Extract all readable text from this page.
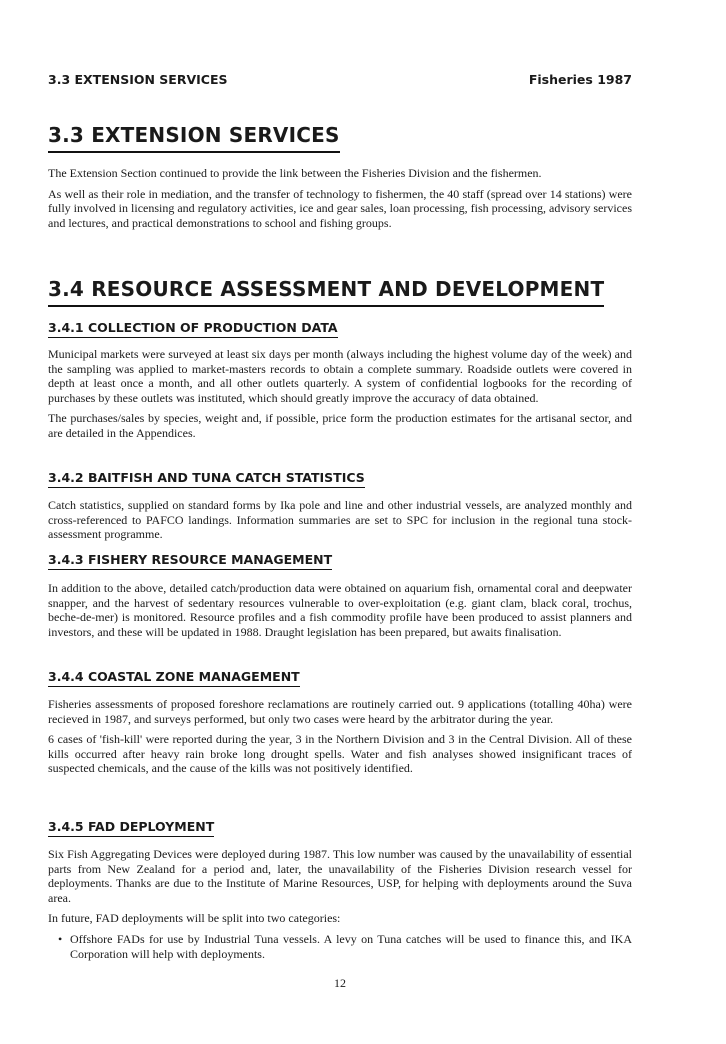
3.3 EXTENSION SERVICES	Fisheries 1987
3.3 EXTENSION SERVICES

The Extension Section continued to provide the link between the Fisheries Division and the fishermen.

As well as their role in mediation, and the transfer of technology to fishermen, the 40 staff (spread over 14 stations) were fully involved in licensing and regulatory activities, ice and gear sales, loan processing, fish processing, advisory services and lectures, and practical demonstrations to school and fishing groups.

3.4 RESOURCE ASSESSMENT AND DEVELOPMENT
3.4.1 COLLECTION OF PRODUCTION DATA

Municipal markets were surveyed at least six days per month (always including the highest volume day of the week) and the sampling was applied to market-masters records to obtain a complete summary. Roadside outlets were covered in depth at least once a month, and all other outlets quarterly. A system of confidential logbooks for the recording of purchases by these outlets was instituted, which should greatly improve the accuracy of data obtained.

The purchases/sales by species, weight and, if possible, price form the production estimates for the artisanal sector, and are detailed in the Appendices.

3.4.2 BAITFISH AND TUNA CATCH STATISTICS

Catch statistics, supplied on standard forms by Ika pole and line and other industrial vessels, are analyzed monthly and cross-referenced to PAFCO landings. Information summaries are set to SPC for inclusion in the regional tuna stock-assessment programme.

3.4.3 FISHERY RESOURCE MANAGEMENT

In addition to the above, detailed catch/production data were obtained on aquarium fish, ornamental coral and deepwater snapper, and the harvest of sedentary resources vulnerable to over-exploitation (e.g. giant clam, black coral, trochus, beche-de-mer) is monitored. Resource profiles and a fish commodity profile have been produced to assist planners and investors, and these will be updated in 1988. Draught legislation has been prepared, but awaits finalisation.

3.4.4 COASTAL ZONE MANAGEMENT

Fisheries assessments of proposed foreshore reclamations are routinely carried out. 9 applications (totalling 40ha) were recieved in 1987, and surveys performed, but only two cases were heard by the arbitrator during the year.

6 cases of 'fish-kill' were reported during the year, 3 in the Northern Division and 3 in the Central Division. All of these kills occurred after heavy rain broke long drought spells. Water and fish analyses showed insignificant traces of suspected chemicals, and the cause of the kills was not positively identified.

3.4.5 FAD DEPLOYMENT

Six Fish Aggregating Devices were deployed during 1987. This low number was caused by the unavailability of essential parts from New Zealand for a period and, later, the unavailability of the Fisheries Division research vessel for deployments. Thanks are due to the Institute of Marine Resources, USP, for helping with deployments around the Suva area.

In future, FAD deployments will be split into two categories:

• Offshore FADs for use by Industrial Tuna vessels. A levy on Tuna catches will be used to finance this, and IKA Corporation will help with deployments.
12
